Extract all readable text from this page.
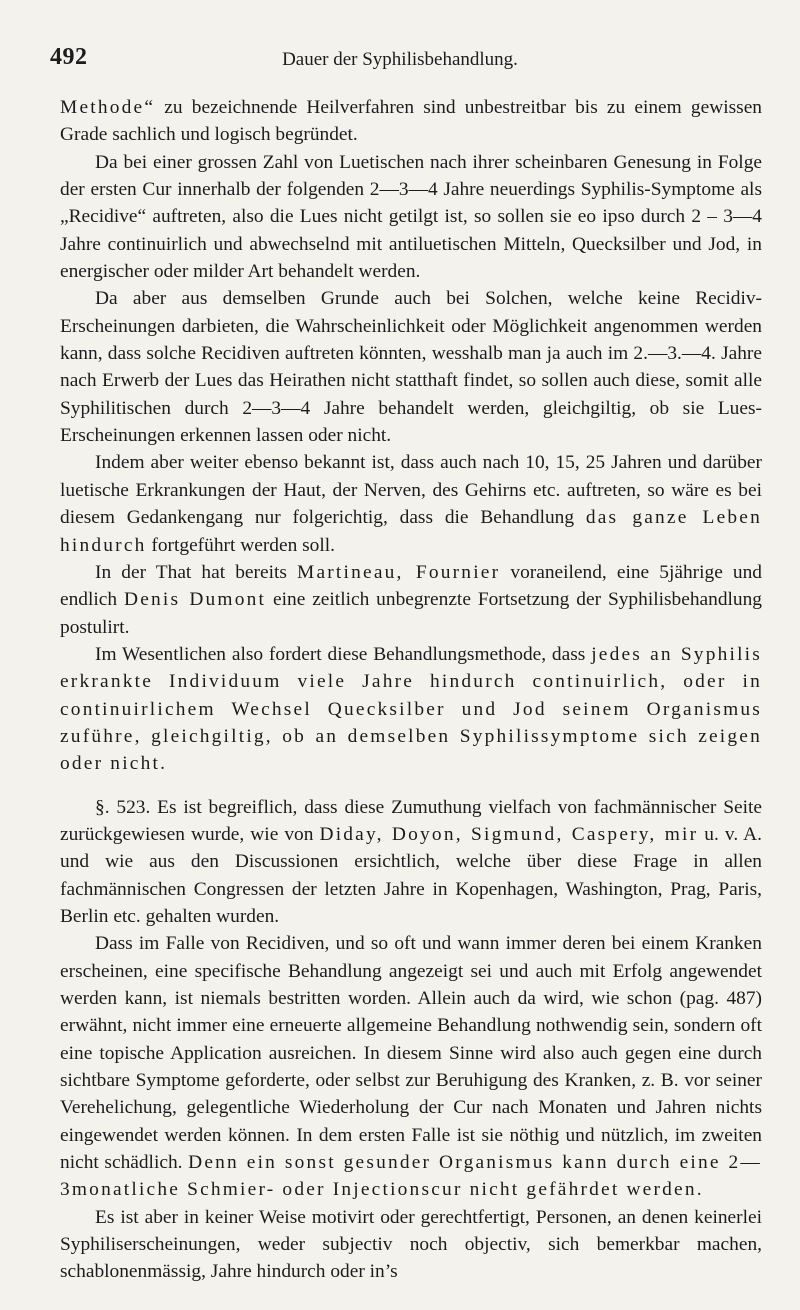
492	Dauer der Syphilisbehandlung.

Methode“ zu bezeichnende Heilverfahren sind unbestreitbar bis zu einem gewissen Grade sachlich und logisch begründet.

Da bei einer grossen Zahl von Luetischen nach ihrer scheinbaren Genesung in Folge der ersten Cur innerhalb der folgenden 2—3—4 Jahre neuerdings Syphilis-Symptome als „Recidive“ auftreten, also die Lues nicht getilgt ist, so sollen sie eo ipso durch 2 – 3—4 Jahre continuirlich und abwechselnd mit antiluetischen Mitteln, Quecksilber und Jod, in energischer oder milder Art behandelt werden.

Da aber aus demselben Grunde auch bei Solchen, welche keine Recidiv-Erscheinungen darbieten, die Wahrscheinlichkeit oder Möglichkeit angenommen werden kann, dass solche Recidiven auftreten könnten, wesshalb man ja auch im 2.—3.—4. Jahre nach Erwerb der Lues das Heirathen nicht statthaft findet, so sollen auch diese, somit alle Syphilitischen durch 2—3—4 Jahre behandelt werden, gleichgiltig, ob sie Lues-Erscheinungen erkennen lassen oder nicht.

Indem aber weiter ebenso bekannt ist, dass auch nach 10, 15, 25 Jahren und darüber luetische Erkrankungen der Haut, der Nerven, des Gehirns etc. auftreten, so wäre es bei diesem Gedankengang nur folgerichtig, dass die Behandlung das ganze Leben hindurch fortgeführt werden soll.

In der That hat bereits Martineau, Fournier voraneilend, eine 5jährige und endlich Denis Dumont eine zeitlich unbegrenzte Fortsetzung der Syphilisbehandlung postulirt.

Im Wesentlichen also fordert diese Behandlungsmethode, dass jedes an Syphilis erkrankte Individuum viele Jahre hindurch continuirlich, oder in continuirlichem Wechsel Quecksilber und Jod seinem Organismus zuführe, gleichgiltig, ob an demselben Syphilissymptome sich zeigen oder nicht.

§. 523. Es ist begreiflich, dass diese Zumuthung vielfach von fachmännischer Seite zurückgewiesen wurde, wie von Diday, Doyon, Sigmund, Caspery, mir u. v. A. und wie aus den Discussionen ersichtlich, welche über diese Frage in allen fachmännischen Congressen der letzten Jahre in Kopenhagen, Washington, Prag, Paris, Berlin etc. gehalten wurden.

Dass im Falle von Recidiven, und so oft und wann immer deren bei einem Kranken erscheinen, eine specifische Behandlung angezeigt sei und auch mit Erfolg angewendet werden kann, ist niemals bestritten worden. Allein auch da wird, wie schon (pag. 487) erwähnt, nicht immer eine erneuerte allgemeine Behandlung nothwendig sein, sondern oft eine topische Application ausreichen. In diesem Sinne wird also auch gegen eine durch sichtbare Symptome geforderte, oder selbst zur Beruhigung des Kranken, z. B. vor seiner Verehelichung, gelegentliche Wiederholung der Cur nach Monaten und Jahren nichts eingewendet werden können. In dem ersten Falle ist sie nöthig und nützlich, im zweiten nicht schädlich. Denn ein sonst gesunder Organismus kann durch eine 2—3monatliche Schmier- oder Injectionscur nicht gefährdet werden.

Es ist aber in keiner Weise motivirt oder gerechtfertigt, Personen, an denen keinerlei Syphiliserscheinungen, weder subjectiv noch objectiv, sich bemerkbar machen, schablonenmässig, Jahre hindurch oder in’s
